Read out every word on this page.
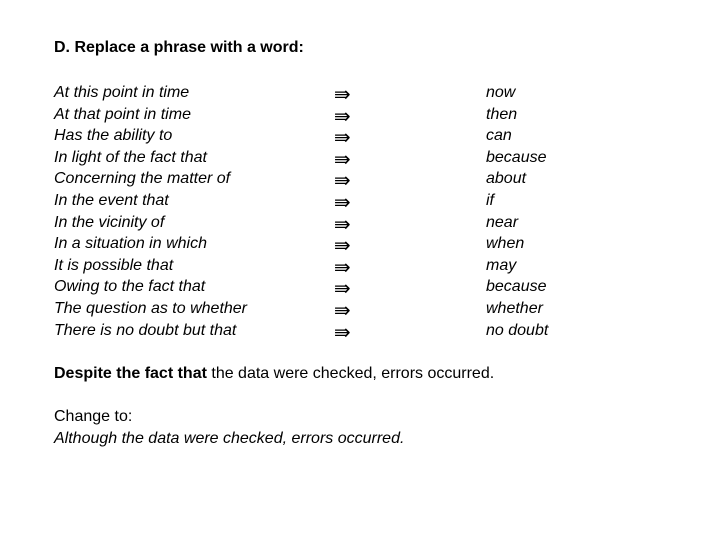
D. Replace a phrase with a word:
At this point in time	⇛	now
At that point in time	⇛	then
Has the ability to	⇛	can
In light of the fact that	⇛	because
Concerning the matter of	⇛	about
In the event that	⇛	if
In the vicinity of	⇛	near
In a situation in which	⇛	when
It is possible that	⇛	may
Owing to the fact that	⇛	because
The question as to whether	⇛	whether
There is no doubt but that	⇛	no doubt
Despite the fact that the data were checked, errors occurred.
Change to:
Although the data were checked, errors occurred.
